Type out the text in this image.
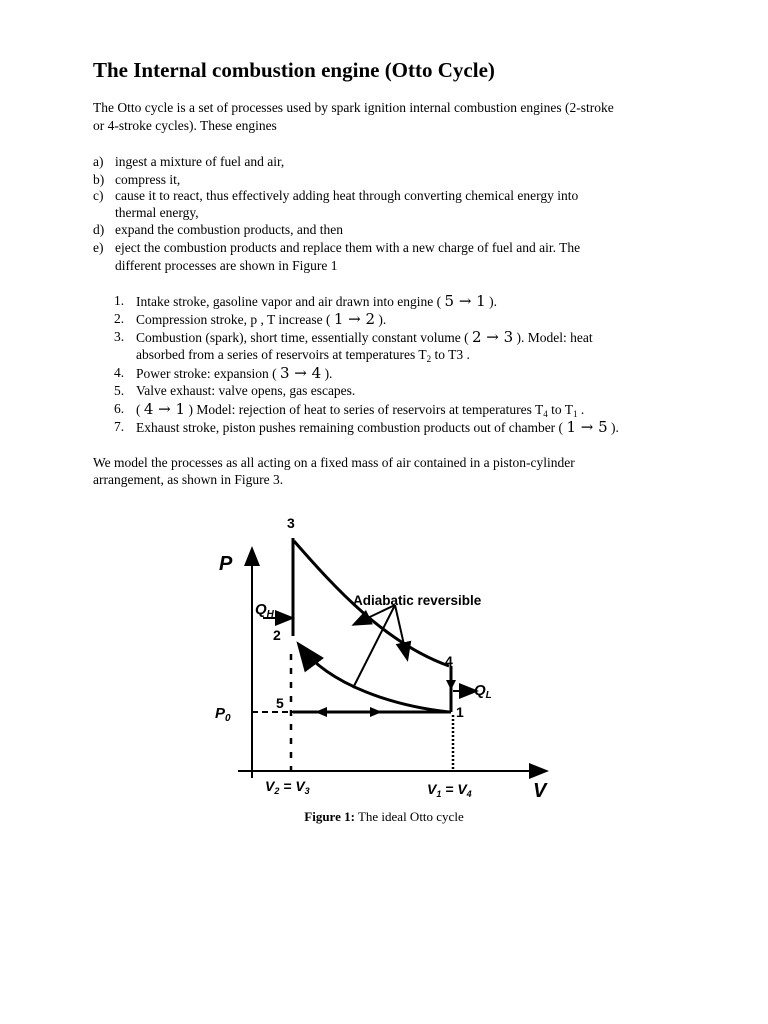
The Internal combustion engine (Otto Cycle)
The Otto cycle is a set of processes used by spark ignition internal combustion engines (2-stroke
or 4-stroke cycles). These engines
a) ingest a mixture of fuel and air,
b) compress it,
c) cause it to react, thus effectively adding heat through converting chemical energy into
thermal energy,
d) expand the combustion products, and then
e) eject the combustion products and replace them with a new charge of fuel and air. The
different processes are shown in Figure 1
1. Intake stroke, gasoline vapor and air drawn into engine ( 5 → 1 ).
2. Compression stroke, p , T increase ( 1 → 2 ).
3. Combustion (spark), short time, essentially constant volume ( 2 → 3 ). Model: heat
absorbed from a series of reservoirs at temperatures $T_2$ to T3 .
4. Power stroke: expansion ( 3 → 4 ).
5. Valve exhaust: valve opens, gas escapes.
6. ( 4 → 1 ) Model: rejection of heat to series of reservoirs at temperatures $T_4$ to $T_1$ .
7. Exhaust stroke, piston pushes remaining combustion products out of chamber ( 1 → 5 ).
We model the processes as all acting on a fixed mass of air contained in a piston-cylinder
arrangement, as shown in Figure 3.
P
V
3
2
4
5
1
$Q_H$
$Q_L$
$P_0$
Adiabatic reversible
$V_2 = V_3$	$V_1 = V_4$
Figure 1: The ideal Otto cycle
